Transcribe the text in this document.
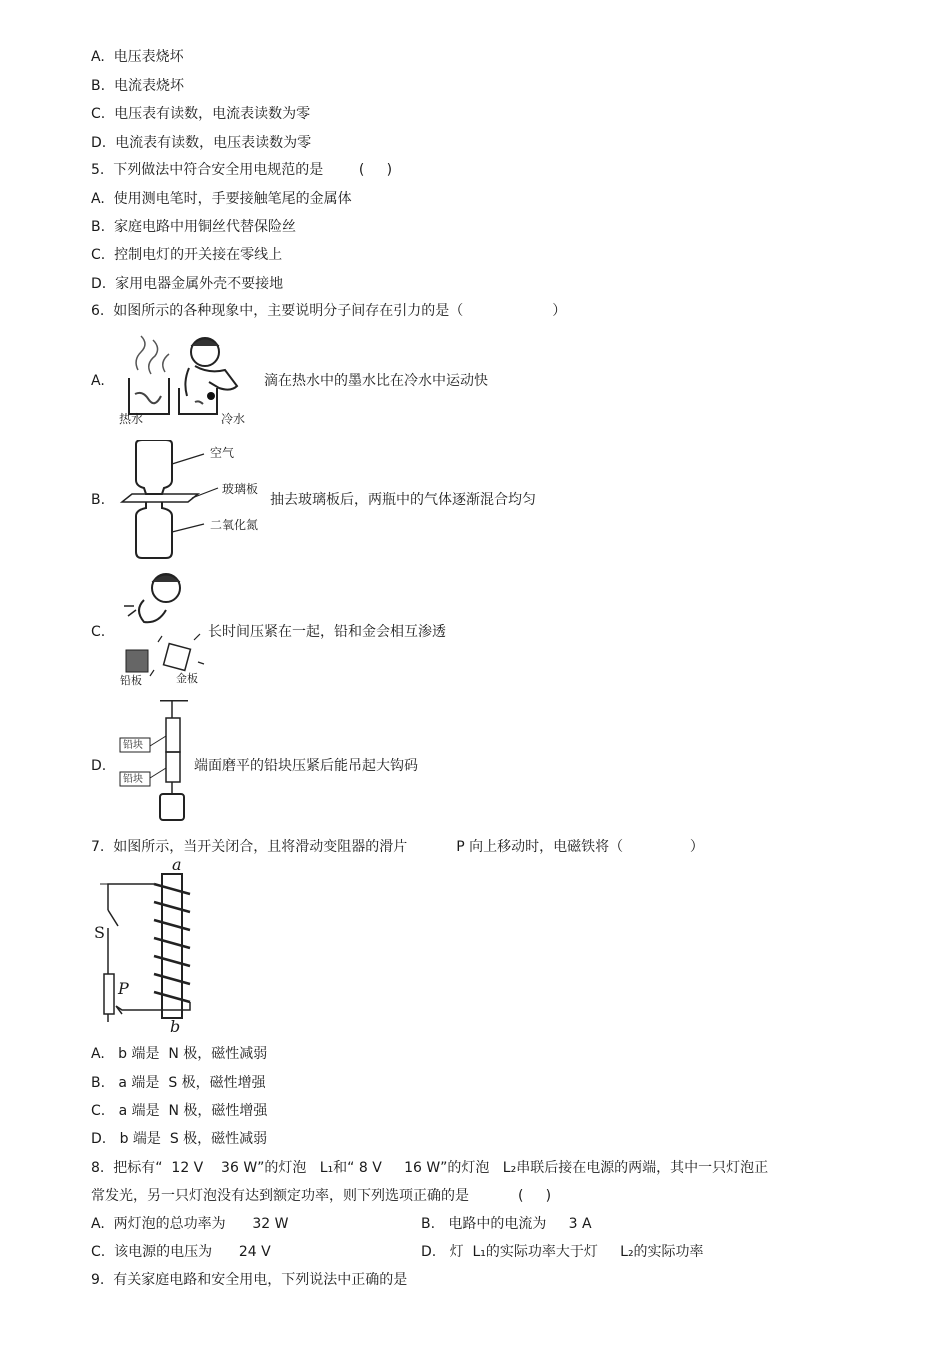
A.  电压表烧坏
B.  电流表烧坏
C.  电压表有读数，电流表读数为零
D.  电流表有读数，电压表读数为零
5.  下列做法中符合安全用电规范的是        (     )
A.  使用测电笔时，手要接触笔尾的金属体
B.  家庭电路中用铜丝代替保险丝
C.  控制电灯的开关接在零线上
D.  家用电器金属外壳不要接地
6.  如图所示的各种现象中，主要说明分子间存在引力的是（                    ）
A.
热水	冷水
滴在热水中的墨水比在冷水中运动快
B.
空气
玻璃板
二氧化氮
抽去玻璃板后，两瓶中的气体逐渐混合均匀
C.
铅板	金板
长时间压紧在一起，铅和金会相互渗透
D.
铅块
铅块
端面磨平的铅块压紧后能吊起大钩码
7.  如图所示，当开关闭合，且将滑动变阻器的滑片           P 向上移动时，电磁铁将（               ）
a
b
S
P
A.   b 端是  N 极，磁性减弱
B.   a 端是  S 极，磁性增强
C.   a 端是  N 极，磁性增强
D.   b 端是  S 极，磁性减弱
8.  把标有“  12 V    36 W”的灯泡   L₁和“ 8 V     16 W”的灯泡   L₂串联后接在电源的两端，其中一只灯泡正
常发光，另一只灯泡没有达到额定功率，则下列选项正确的是           (     )
A.  两灯泡的总功率为      32 W	B.   电路中的电流为     3 A
C.  该电源的电压为      24 V	D.   灯  L₁的实际功率大于灯     L₂的实际功率
9.  有关家庭电路和安全用电，下列说法中正确的是
